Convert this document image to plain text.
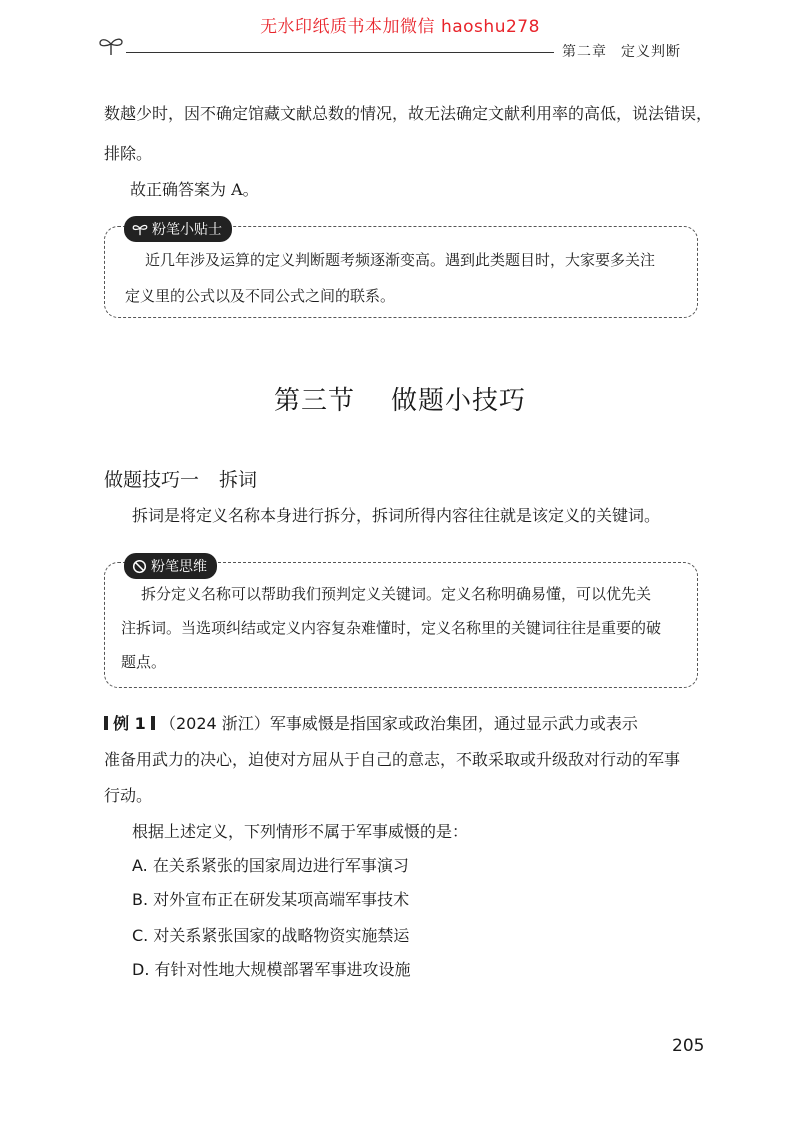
无水印纸质书本加微信 haoshu278
第二章 定义判断
数越少时，因不确定馆藏文献总数的情况，故无法确定文献利用率的高低，说法错误，
排除。
故正确答案为 A。
近几年涉及运算的定义判断题考频逐渐变高。遇到此类题目时，大家要多关注
定义里的公式以及不同公式之间的联系。
粉笔小贴士
第三节 做题小技巧
做题技巧一 拆词
拆词是将定义名称本身进行拆分，拆词所得内容往往就是该定义的关键词。
拆分定义名称可以帮助我们预判定义关键词。定义名称明确易懂，可以优先关
注拆词。当选项纠结或定义内容复杂难懂时，定义名称里的关键词往往是重要的破
题点。
粉笔思维
例 1 （2024 浙江）军事威慑是指国家或政治集团，通过显示武力或表示
准备用武力的决心，迫使对方屈从于自己的意志，不敢采取或升级敌对行动的军事
行动。
根据上述定义，下列情形不属于军事威慑的是：
A. 在关系紧张的国家周边进行军事演习
B. 对外宣布正在研发某项高端军事技术
C. 对关系紧张国家的战略物资实施禁运
D. 有针对性地大规模部署军事进攻设施
205
